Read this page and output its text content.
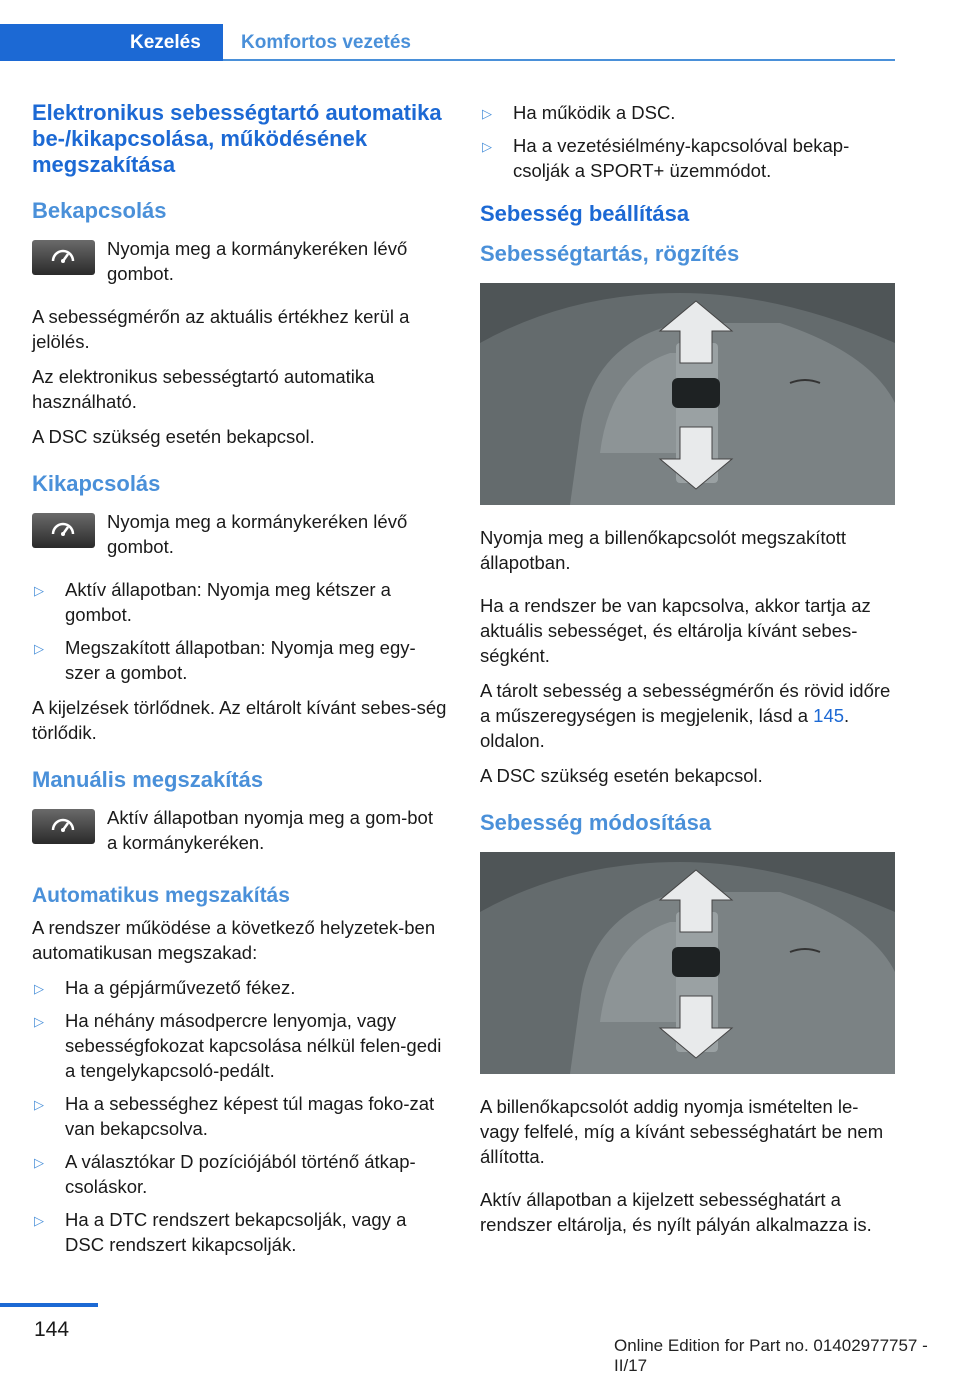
Kezelés	Komfortos vezetés
Elektronikus sebességtartó automatika be-/kikapcsolása, működésének megszakítása
Bekapcsolás

Nyomja meg a kormánykeréken lévő gombot.

A sebességmérőn az aktuális értékhez kerül a jelölés.

Az elektronikus sebességtartó automatika használható.

A DSC szükség esetén bekapcsol.

Kikapcsolás

Nyomja meg a kormánykeréken lévő gombot.

▷ Aktív állapotban: Nyomja meg kétszer a gombot.
▷ Megszakított állapotban: Nyomja meg egy-szer a gombot.

A kijelzések törlődnek. Az eltárolt kívánt sebes-ség törlődik.

Manuális megszakítás

Aktív állapotban nyomja meg a gom-bot a kormánykeréken.

Automatikus megszakítás

A rendszer működése a következő helyzetek-ben automatikusan megszakad:

▷ Ha a gépjárművezető fékez.
▷ Ha néhány másodpercre lenyomja, vagy sebességfokozat kapcsolása nélkül felen-gedi a tengelykapcsoló-pedált.
▷ Ha a sebességhez képest túl magas foko-zat van bekapcsolva.
▷ A választókar D pozíciójából történő átkap-csoláskor.
▷ Ha a DTC rendszert bekapcsolják, vagy a DSC rendszert kikapcsolják.
▷ Ha működik a DSC.
▷ Ha a vezetésiélmény-kapcsolóval bekap-csolják a SPORT+ üzemmódot.
Sebesség beállítása
Sebességtartás, rögzítés

Nyomja meg a billenőkapcsolót megszakított állapotban.

Ha a rendszer be van kapcsolva, akkor tartja az aktuális sebességet, és eltárolja kívánt sebes-ségként.

A tárolt sebesség a sebességmérőn és rövid időre a műszeregységen is megjelenik, lásd a 145. oldalon.

A DSC szükség esetén bekapcsol.

Sebesség módosítása

A billenőkapcsolót addig nyomja ismételten le-vagy felfelé, míg a kívánt sebességhatárt be nem állította.

Aktív állapotban a kijelzett sebességhatárt a rendszer eltárolja, és nyílt pályán alkalmazza is.

144
Online Edition for Part no. 01402977757 - II/17
